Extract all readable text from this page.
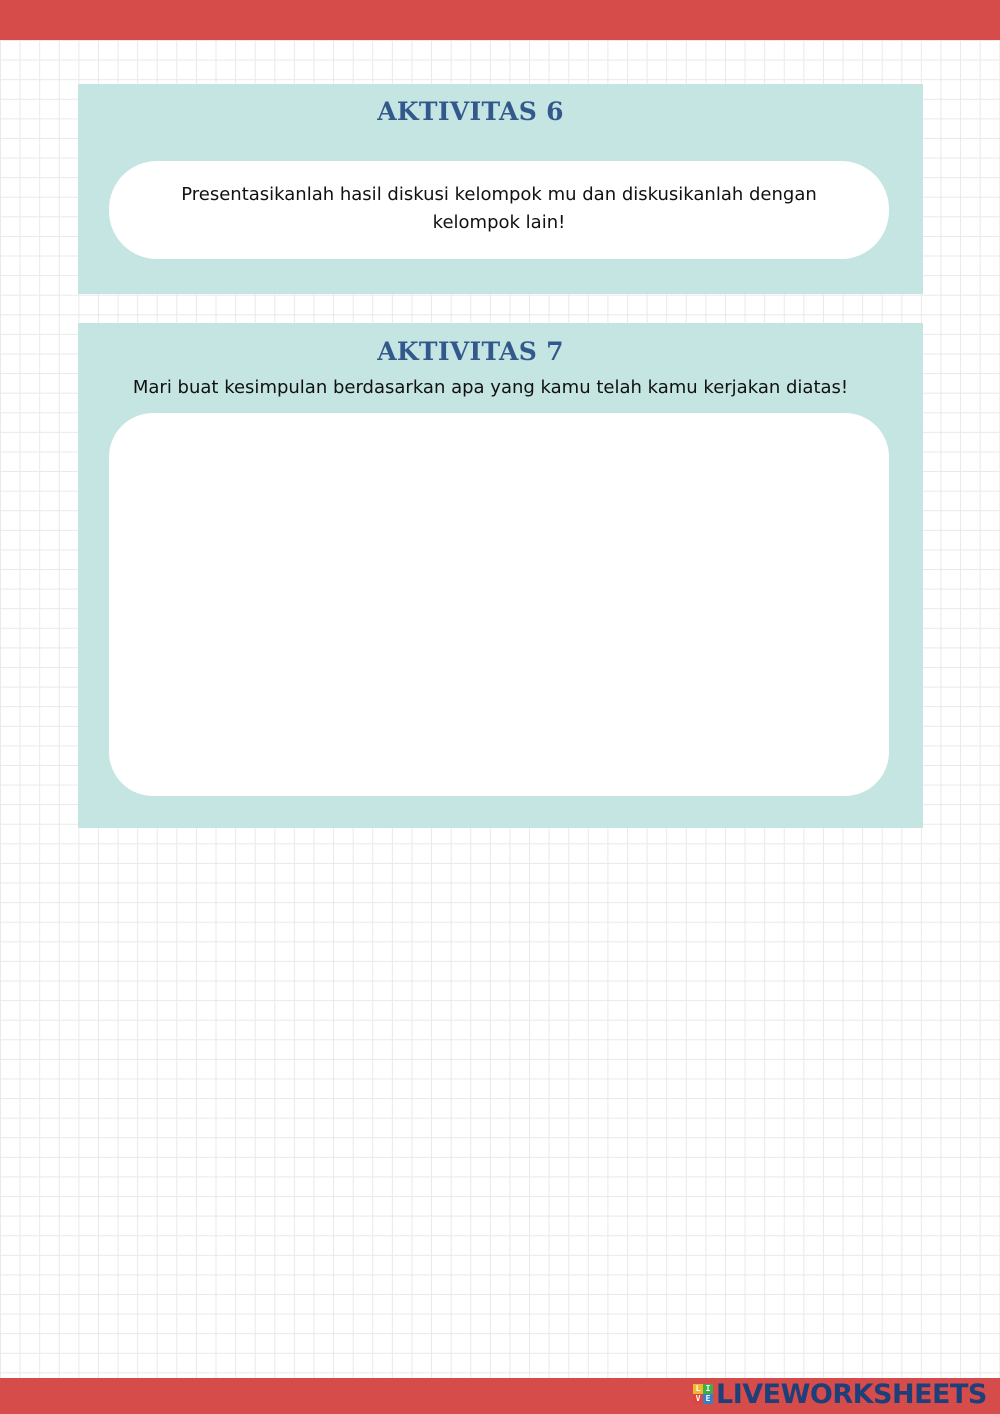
AKTIVITAS 6
Presentasikanlah hasil diskusi kelompok mu dan diskusikanlah dengan kelompok lain!
AKTIVITAS 7
Mari buat kesimpulan berdasarkan apa yang kamu telah kamu kerjakan diatas!
L I
V E LIVEWORKSHEETS
